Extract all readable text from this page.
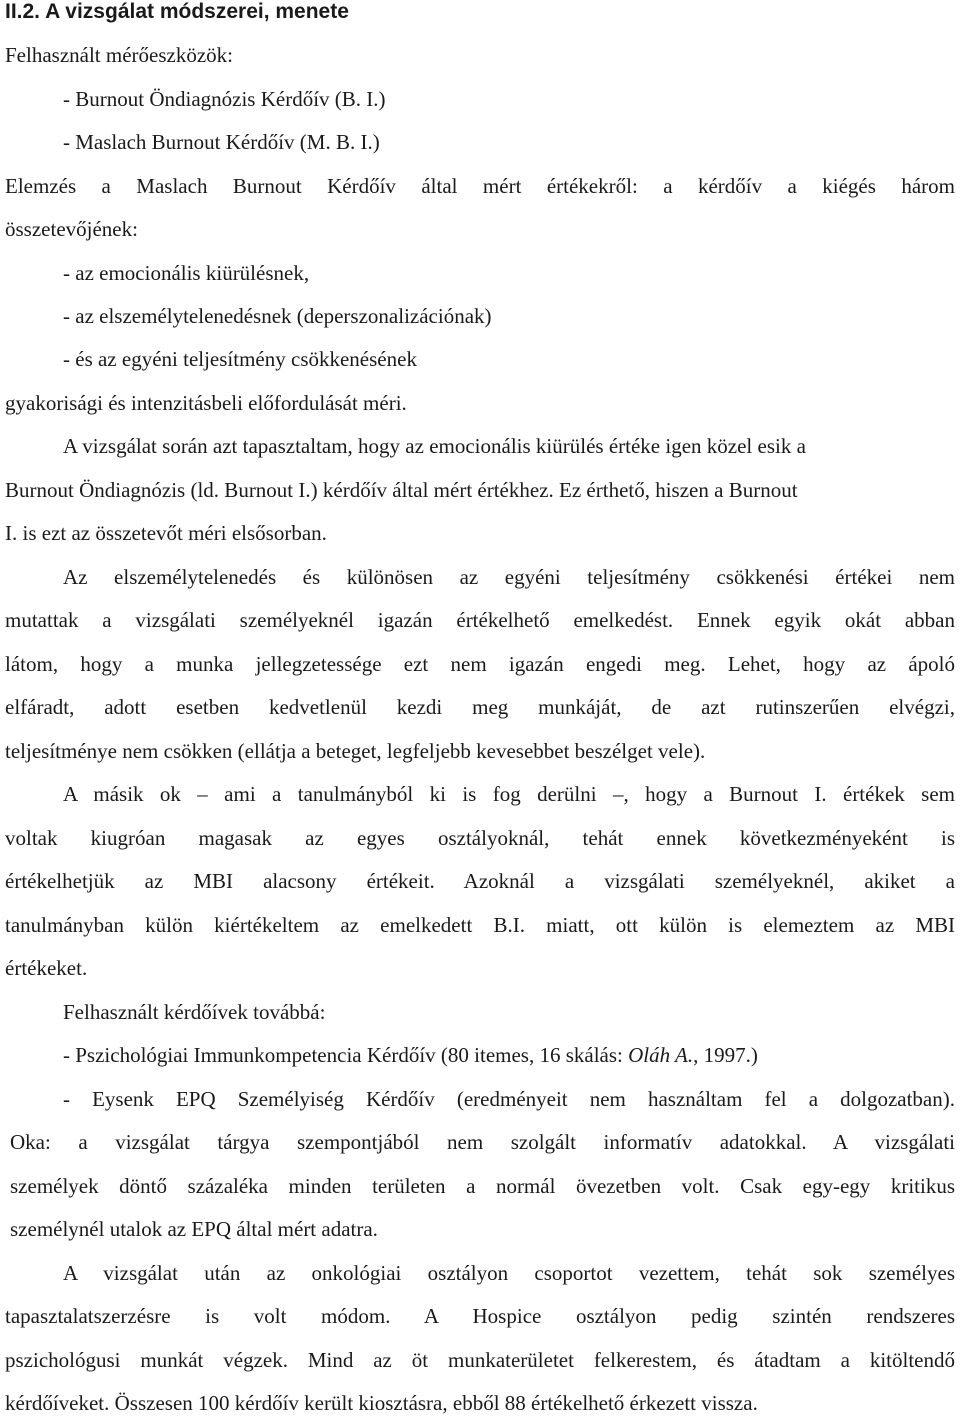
II.2. A vizsgálat módszerei, menete
Felhasznált mérőeszközök:
- Burnout Öndiagnózis Kérdőív (B. I.)
- Maslach Burnout Kérdőív (M. B. I.)
Elemzés a Maslach Burnout Kérdőív által mért értékekről: a kérdőív a kiégés három
összetevőjének:
- az emocionális kiürülésnek,
- az elszemélytelenedésnek (deperszonalizációnak)
- és az egyéni teljesítmény csökkenésének
gyakorisági és intenzitásbeli előfordulását méri.
A vizsgálat során azt tapasztaltam, hogy az emocionális kiürülés értéke igen közel esik a
Burnout Öndiagnózis (ld. Burnout I.) kérdőív által mért értékhez. Ez érthető, hiszen a Burnout
I. is ezt az összetevőt méri elsősorban.
Az elszemélytelenedés és különösen az egyéni teljesítmény csökkenési értékei nem
mutattak a vizsgálati személyeknél igazán értékelhető emelkedést. Ennek egyik okát abban
látom, hogy a munka jellegzetessége ezt nem igazán engedi meg. Lehet, hogy az ápoló
elfáradt, adott esetben kedvetlenül kezdi meg munkáját, de azt rutinszerűen elvégzi,
teljesítménye nem csökken (ellátja a beteget, legfeljebb kevesebbet beszélget vele).
A másik ok – ami a tanulmányból ki is fog derülni –, hogy a Burnout I. értékek sem
voltak kiugróan magasak az egyes osztályoknál, tehát ennek következményeként is
értékelhetjük az MBI alacsony értékeit. Azoknál a vizsgálati személyeknél, akiket a
tanulmányban külön kiértékeltem az emelkedett B.I. miatt, ott külön is elemeztem az MBI
értékeket.
Felhasznált kérdőívek továbbá:
- Pszichológiai Immunkompetencia Kérdőív (80 itemes, 16 skálás: Oláh A., 1997.)
- Eysenk EPQ Személyiség Kérdőív (eredményeit nem használtam fel a dolgozatban).
Oka: a vizsgálat tárgya szempontjából nem szolgált informatív adatokkal. A vizsgálati
személyek döntő százaléka minden területen a normál övezetben volt. Csak egy-egy kritikus
személynél utalok az EPQ által mért adatra.
A vizsgálat után az onkológiai osztályon csoportot vezettem, tehát sok személyes
tapasztalatszerzésre is volt módom. A Hospice osztályon pedig szintén rendszeres
pszichológusi munkát végzek. Mind az öt munkaterületet felkerestem, és átadtam a kitöltendő
kérdőíveket. Összesen 100 kérdőív került kiosztásra, ebből 88 értékelhető érkezett vissza.
